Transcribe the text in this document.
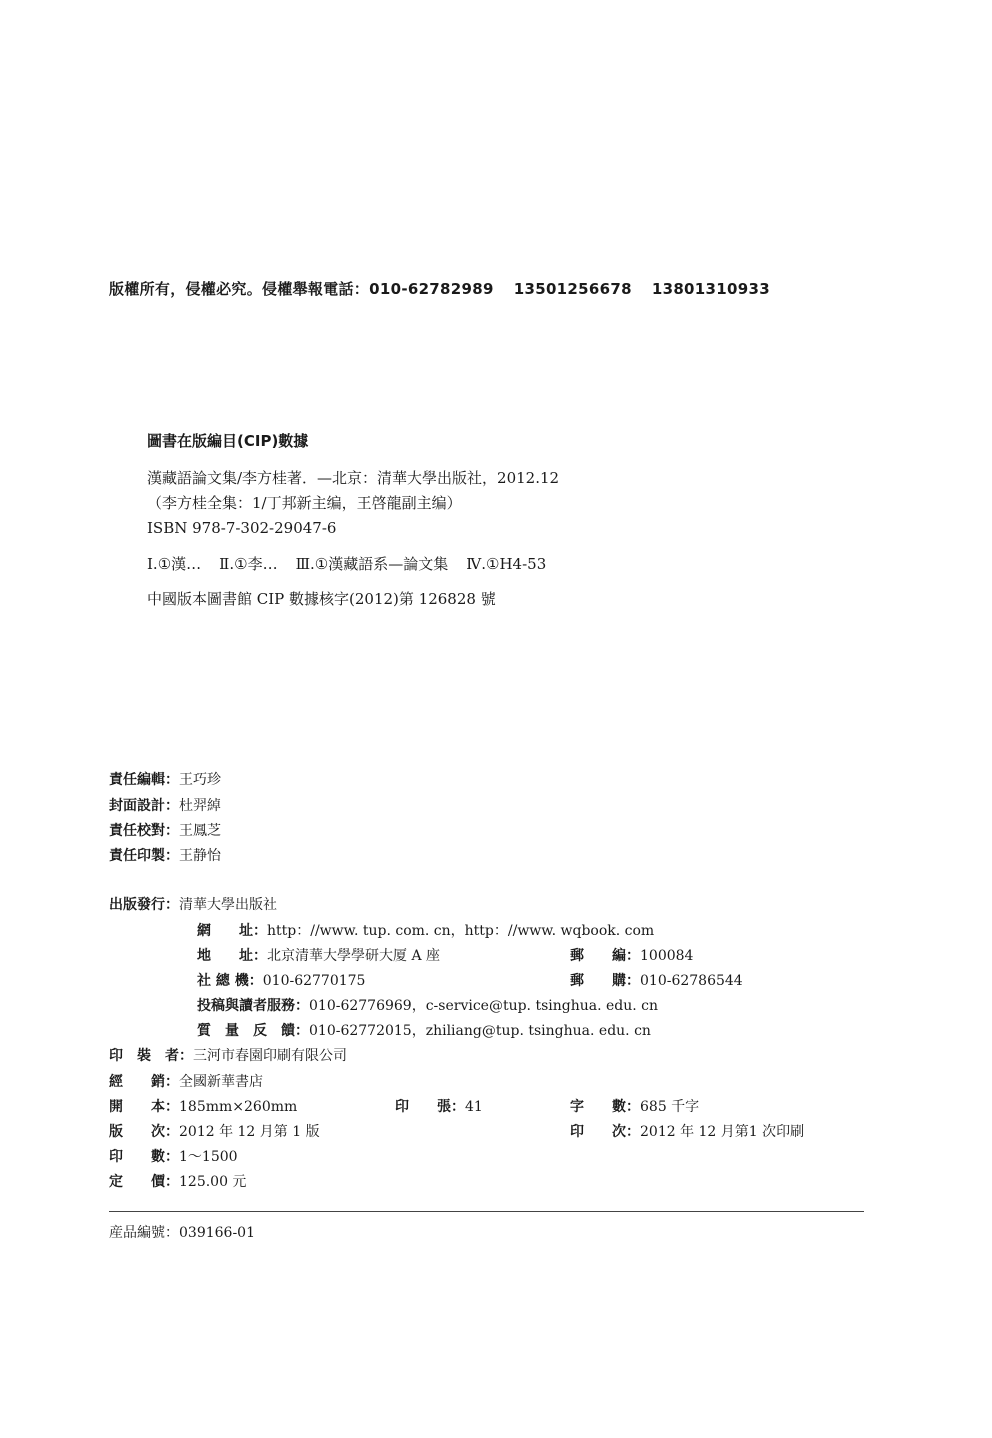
版權所有，侵權必究。侵權舉報電話：010-62782989 13501256678 13801310933
圖書在版編目(CIP)數據
漢藏語論文集/李方桂著．—北京：清華大學出版社，2012.12
（李方桂全集：1/丁邦新主编，王啓龍副主编）
ISBN 978-7-302-29047-6
Ⅰ.①漢… Ⅱ.①李… Ⅲ.①漢藏語系—論文集 Ⅳ.①H4-53
中國版本圖書館 CIP 數據核字(2012)第 126828 號
責任編輯：王巧珍
封面設計：杜羿綽
責任校對：王鳳芝
責任印製：王静怡
出版發行：清華大學出版社
網　　址：http：//www. tup. com. cn，http：//www. wqbook. com
地　　址：北京清華大學學研大厦 A 座	郵　　編：100084
社 總 機：010-62770175	郵　　購：010-62786544
投稿與讀者服務：010-62776969，c-service@tup. tsinghua. edu. cn
質　量　反　饋：010-62772015，zhiliang@tup. tsinghua. edu. cn
印　裝　者：三河市春園印刷有限公司
經　　銷：全國新華書店
開　　本：185mm×260mm	印　　張：41	字　　數：685 千字
版　　次：2012 年 12 月第 1 版	印　　次：2012 年 12 月第1 次印刷
印　　數：1～1500
定　　價：125.00 元
産品編號：039166-01
